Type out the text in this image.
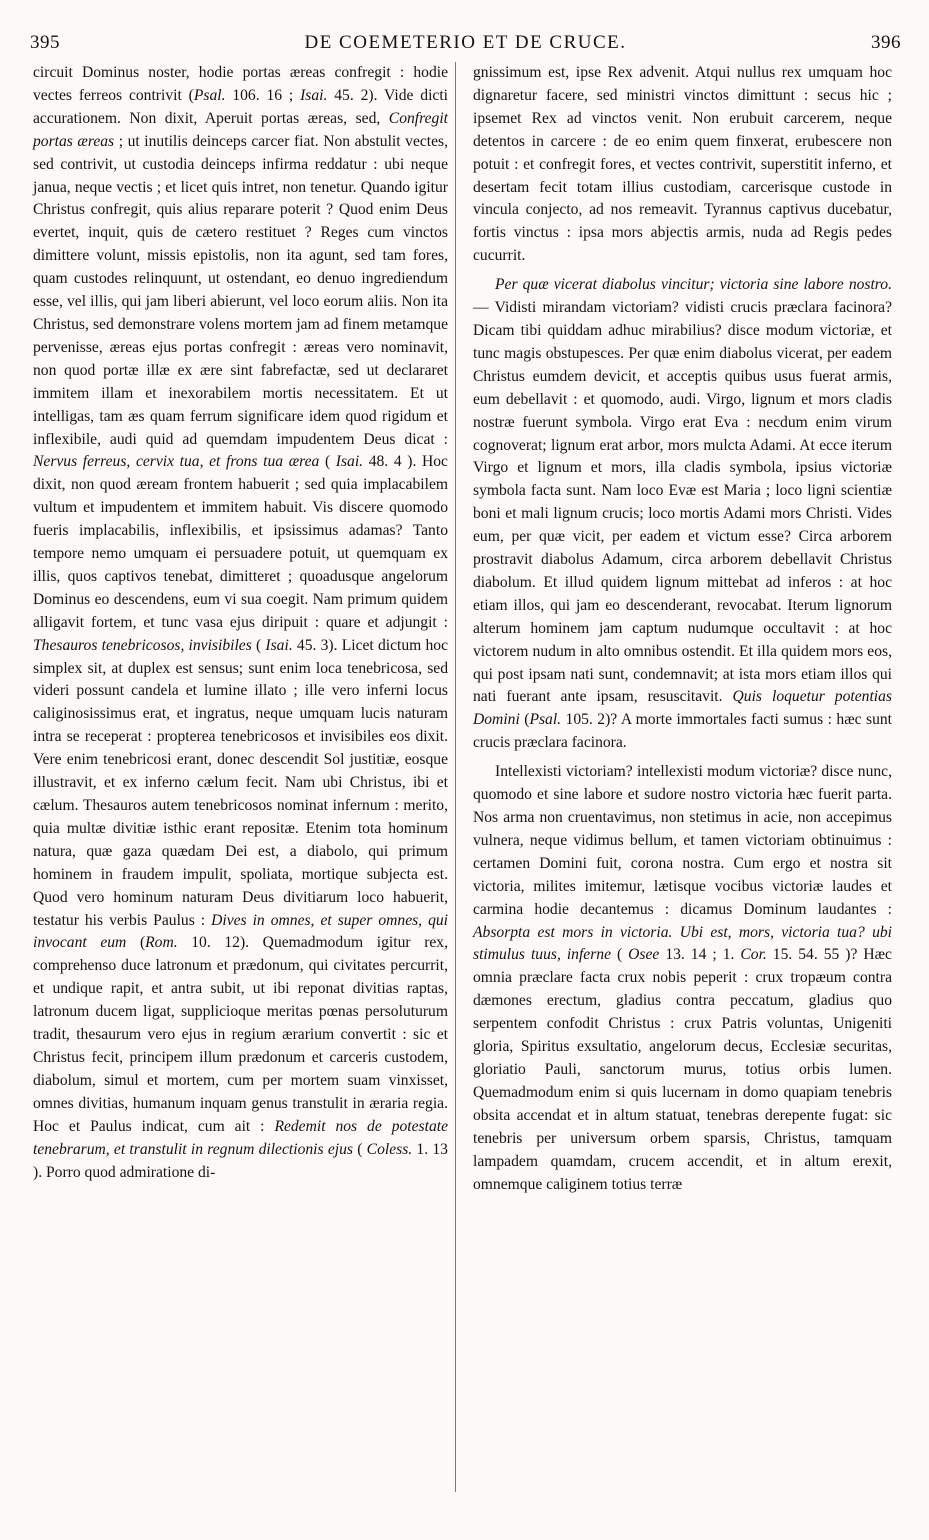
395	DE COEMETERIO ET DE CRUCE.	396

circuit Dominus noster, hodie portas æreas confregit : hodie vectes ferreos contrivit (Psal. 106. 16 ; Isai. 45. 2). Vide dicti accurationem. Non dixit, Aperuit portas æreas, sed, Confregit portas æreas ; ut inutilis deinceps carcer fiat. Non abstulit vectes, sed contrivit, ut custodia deinceps infirma reddatur : ubi neque janua, neque vectis ; et licet quis intret, non tenetur. Quando igitur Christus confregit, quis alius reparare poterit ? Quod enim Deus evertet, inquit, quis de cætero restituet ? Reges cum vinctos dimittere volunt, missis epistolis, non ita agunt, sed tam fores, quam custodes relinquunt, ut ostendant, eo denuo ingrediendum esse, vel illis, qui jam liberi abierunt, vel loco eorum aliis. Non ita Christus, sed demonstrare volens mortem jam ad finem metamque pervenisse, æreas ejus portas confregit : æreas vero nominavit, non quod portæ illæ ex ære sint fabrefactæ, sed ut declararet immitem illam et inexorabilem mortis necessitatem. Et ut intelligas, tam æs quam ferrum significare idem quod rigidum et inflexibile, audi quid ad quemdam impudentem Deus dicat : Nervus ferreus, cervix tua, et frons tua ærea ( Isai. 48. 4 ). Hoc dixit, non quod æream frontem habuerit ; sed quia implacabilem vultum et impudentem et immitem habuit. Vis discere quomodo fueris implacabilis, inflexibilis, et ipsissimus adamas? Tanto tempore nemo umquam ei persuadere potuit, ut quemquam ex illis, quos captivos tenebat, dimitteret ; quoadusque angelorum Dominus eo descendens, eum vi sua coegit. Nam primum quidem alligavit fortem, et tunc vasa ejus diripuit : quare et adjungit : Thesauros tenebricosos, invisibiles ( Isai. 45. 3). Licet dictum hoc simplex sit, at duplex est sensus; sunt enim loca tenebricosa, sed videri possunt candela et lumine illato ; ille vero inferni locus caliginosissimus erat, et ingratus, neque umquam lucis naturam intra se receperat : propterea tenebricosos et invisibiles eos dixit. Vere enim tenebricosi erant, donec descendit Sol justitiæ, eosque illustravit, et ex inferno cælum fecit. Nam ubi Christus, ibi et cælum. Thesauros autem tenebricosos nominat infernum : merito, quia multæ divitiæ isthic erant repositæ. Etenim tota hominum natura, quæ gaza quædam Dei est, a diabolo, qui primum hominem in fraudem impulit, spoliata, mortique subjecta est. Quod vero hominum naturam Deus divitiarum loco habuerit, testatur his verbis Paulus : Dives in omnes, et super omnes, qui invocant eum (Rom. 10. 12). Quemadmodum igitur rex, comprehenso duce latronum et prædonum, qui civitates percurrit, et undique rapit, et antra subit, ut ibi reponat divitias raptas, latronum ducem ligat, supplicioque meritas pœnas persoluturum tradit, thesaurum vero ejus in regium ærarium convertit : sic et Christus fecit, principem illum prædonum et carceris custodem, diabolum, simul et mortem, cum per mortem suam vinxisset, omnes divitias, humanum inquam genus transtulit in æraria regia. Hoc et Paulus indicat, cum ait : Redemit nos de potestate tenebrarum, et transtulit in regnum dilectionis ejus ( Coless. 1. 13 ). Porro quod admiratione di-

gnissimum est, ipse Rex advenit. Atqui nullus rex umquam hoc dignaretur facere, sed ministri vinctos dimittunt : secus hic ; ipsemet Rex ad vinctos venit. Non erubuit carcerem, neque detentos in carcere : de eo enim quem finxerat, erubescere non potuit : et confregit fores, et vectes contrivit, superstitit inferno, et desertam fecit totam illius custodiam, carcerisque custode in vincula conjecto, ad nos remeavit. Tyrannus captivus ducebatur, fortis vinctus : ipsa mors abjectis armis, nuda ad Regis pedes cucurrit.

Per quæ vicerat diabolus vincitur; victoria sine labore nostro. — Vidisti mirandam victoriam? vidisti crucis præclara facinora? Dicam tibi quiddam adhuc mirabilius? disce modum victoriæ, et tunc magis obstupesces. Per quæ enim diabolus vicerat, per eadem Christus eumdem devicit, et acceptis quibus usus fuerat armis, eum debellavit : et quomodo, audi. Virgo, lignum et mors cladis nostræ fuerunt symbola. Virgo erat Eva : necdum enim virum cognoverat; lignum erat arbor, mors mulcta Adami. At ecce iterum Virgo et lignum et mors, illa cladis symbola, ipsius victoriæ symbola facta sunt. Nam loco Evæ est Maria ; loco ligni scientiæ boni et mali lignum crucis; loco mortis Adami mors Christi. Vides eum, per quæ vicit, per eadem et victum esse? Circa arborem prostravit diabolus Adamum, circa arborem debellavit Christus diabolum. Et illud quidem lignum mittebat ad inferos : at hoc etiam illos, qui jam eo descenderant, revocabat. Iterum lignorum alterum hominem jam captum nudumque occultavit : at hoc victorem nudum in alto omnibus ostendit. Et illa quidem mors eos, qui post ipsam nati sunt, condemnavit; at ista mors etiam illos qui nati fuerant ante ipsam, resuscitavit. Quis loquetur potentias Domini (Psal. 105. 2)? A morte immortales facti sumus : hæc sunt crucis præclara facinora.

Intellexisti victoriam? intellexisti modum victoriæ? disce nunc, quomodo et sine labore et sudore nostro victoria hæc fuerit parta. Nos arma non cruentavimus, non stetimus in acie, non accepimus vulnera, neque vidimus bellum, et tamen victoriam obtinuimus : certamen Domini fuit, corona nostra. Cum ergo et nostra sit victoria, milites imitemur, lætisque vocibus victoriæ laudes et carmina hodie decantemus : dicamus Dominum laudantes : Absorpta est mors in victoria. Ubi est, mors, victoria tua? ubi stimulus tuus, inferne ( Osee 13. 14 ; 1. Cor. 15. 54. 55 )? Hæc omnia præclare facta crux nobis peperit : crux tropæum contra dæmones erectum, gladius contra peccatum, gladius quo serpentem confodit Christus : crux Patris voluntas, Unigeniti gloria, Spiritus exsultatio, angelorum decus, Ecclesiæ securitas, gloriatio Pauli, sanctorum murus, totius orbis lumen. Quemadmodum enim si quis lucernam in domo quapiam tenebris obsita accendat et in altum statuat, tenebras derepente fugat: sic tenebris per universum orbem sparsis, Christus, tamquam lampadem quamdam, crucem accendit, et in altum erexit, omnemque caliginem totius terræ
